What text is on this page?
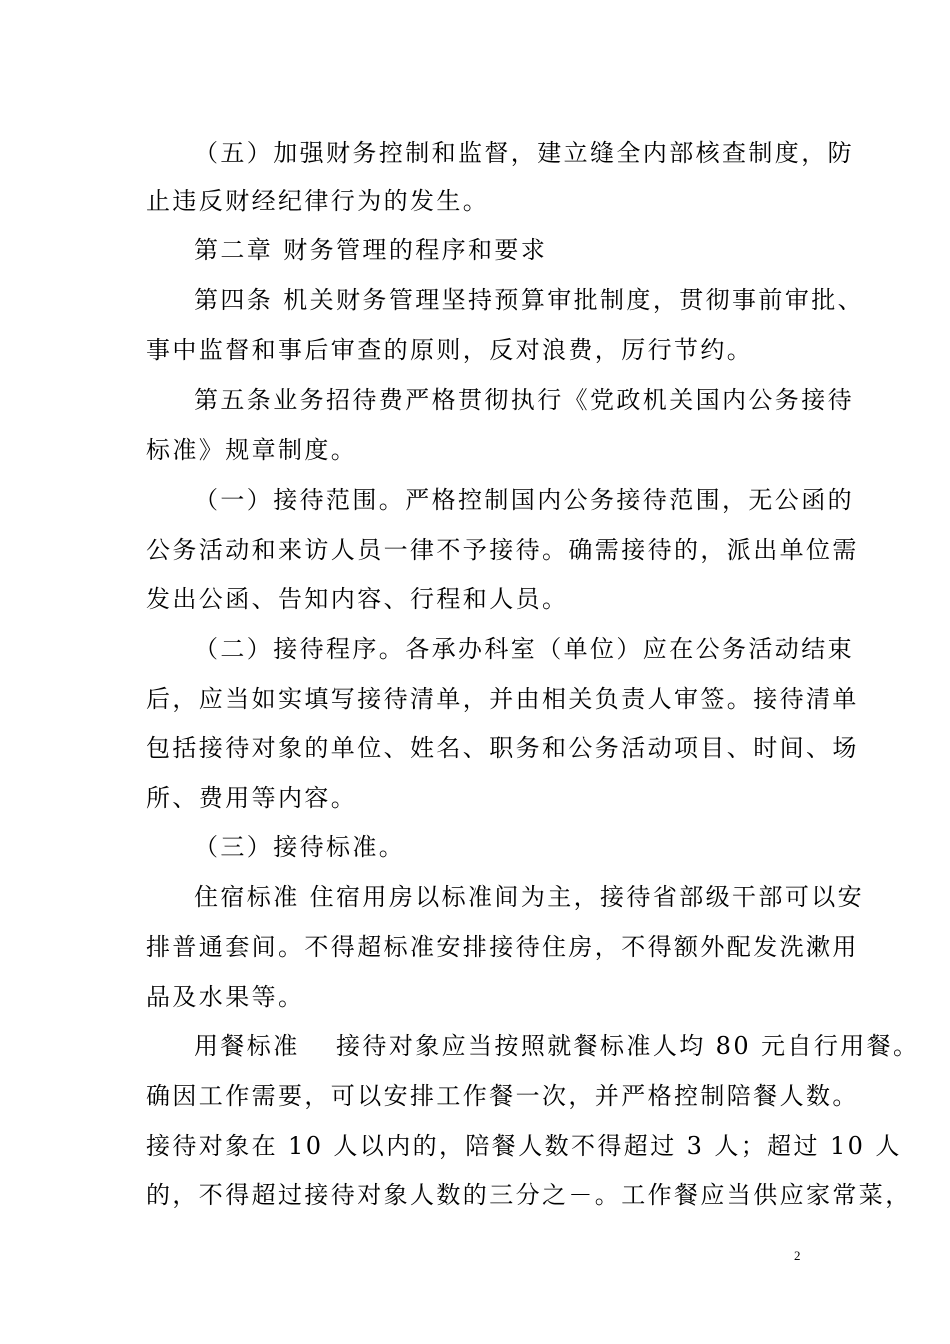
（五）加强财务控制和监督，建立缝全内部核查制度，防
止违反财经纪律行为的发生。
第二章 财务管理的程序和要求
第四条 机关财务管理坚持预算审批制度，贯彻事前审批、
事中监督和事后审查的原则，反对浪费，厉行节约。
第五条业务招待费严格贯彻执行《党政机关国内公务接待
标准》规章制度。
（一）接待范围。严格控制国内公务接待范围，无公函的
公务活动和来访人员一律不予接待。确需接待的，派出单位需
发出公函、告知内容、行程和人员。
（二）接待程序。各承办科室（单位）应在公务活动结束
后，应当如实填写接待清单，并由相关负责人审签。接待清单
包括接待对象的单位、姓名、职务和公务活动项目、时间、场
所、费用等内容。
（三）接待标准。
住宿标准 住宿用房以标准间为主，接待省部级干部可以安
排普通套间。不得超标准安排接待住房，不得额外配发洗漱用
品及水果等。
用餐标准　 接待对象应当按照就餐标准人均 80 元自行用餐。
确因工作需要，可以安排工作餐一次，并严格控制陪餐人数。
接待对象在 10 人以内的，陪餐人数不得超过 3 人；超过 10 人
的，不得超过接待对象人数的三分之－。工作餐应当供应家常菜，
2
